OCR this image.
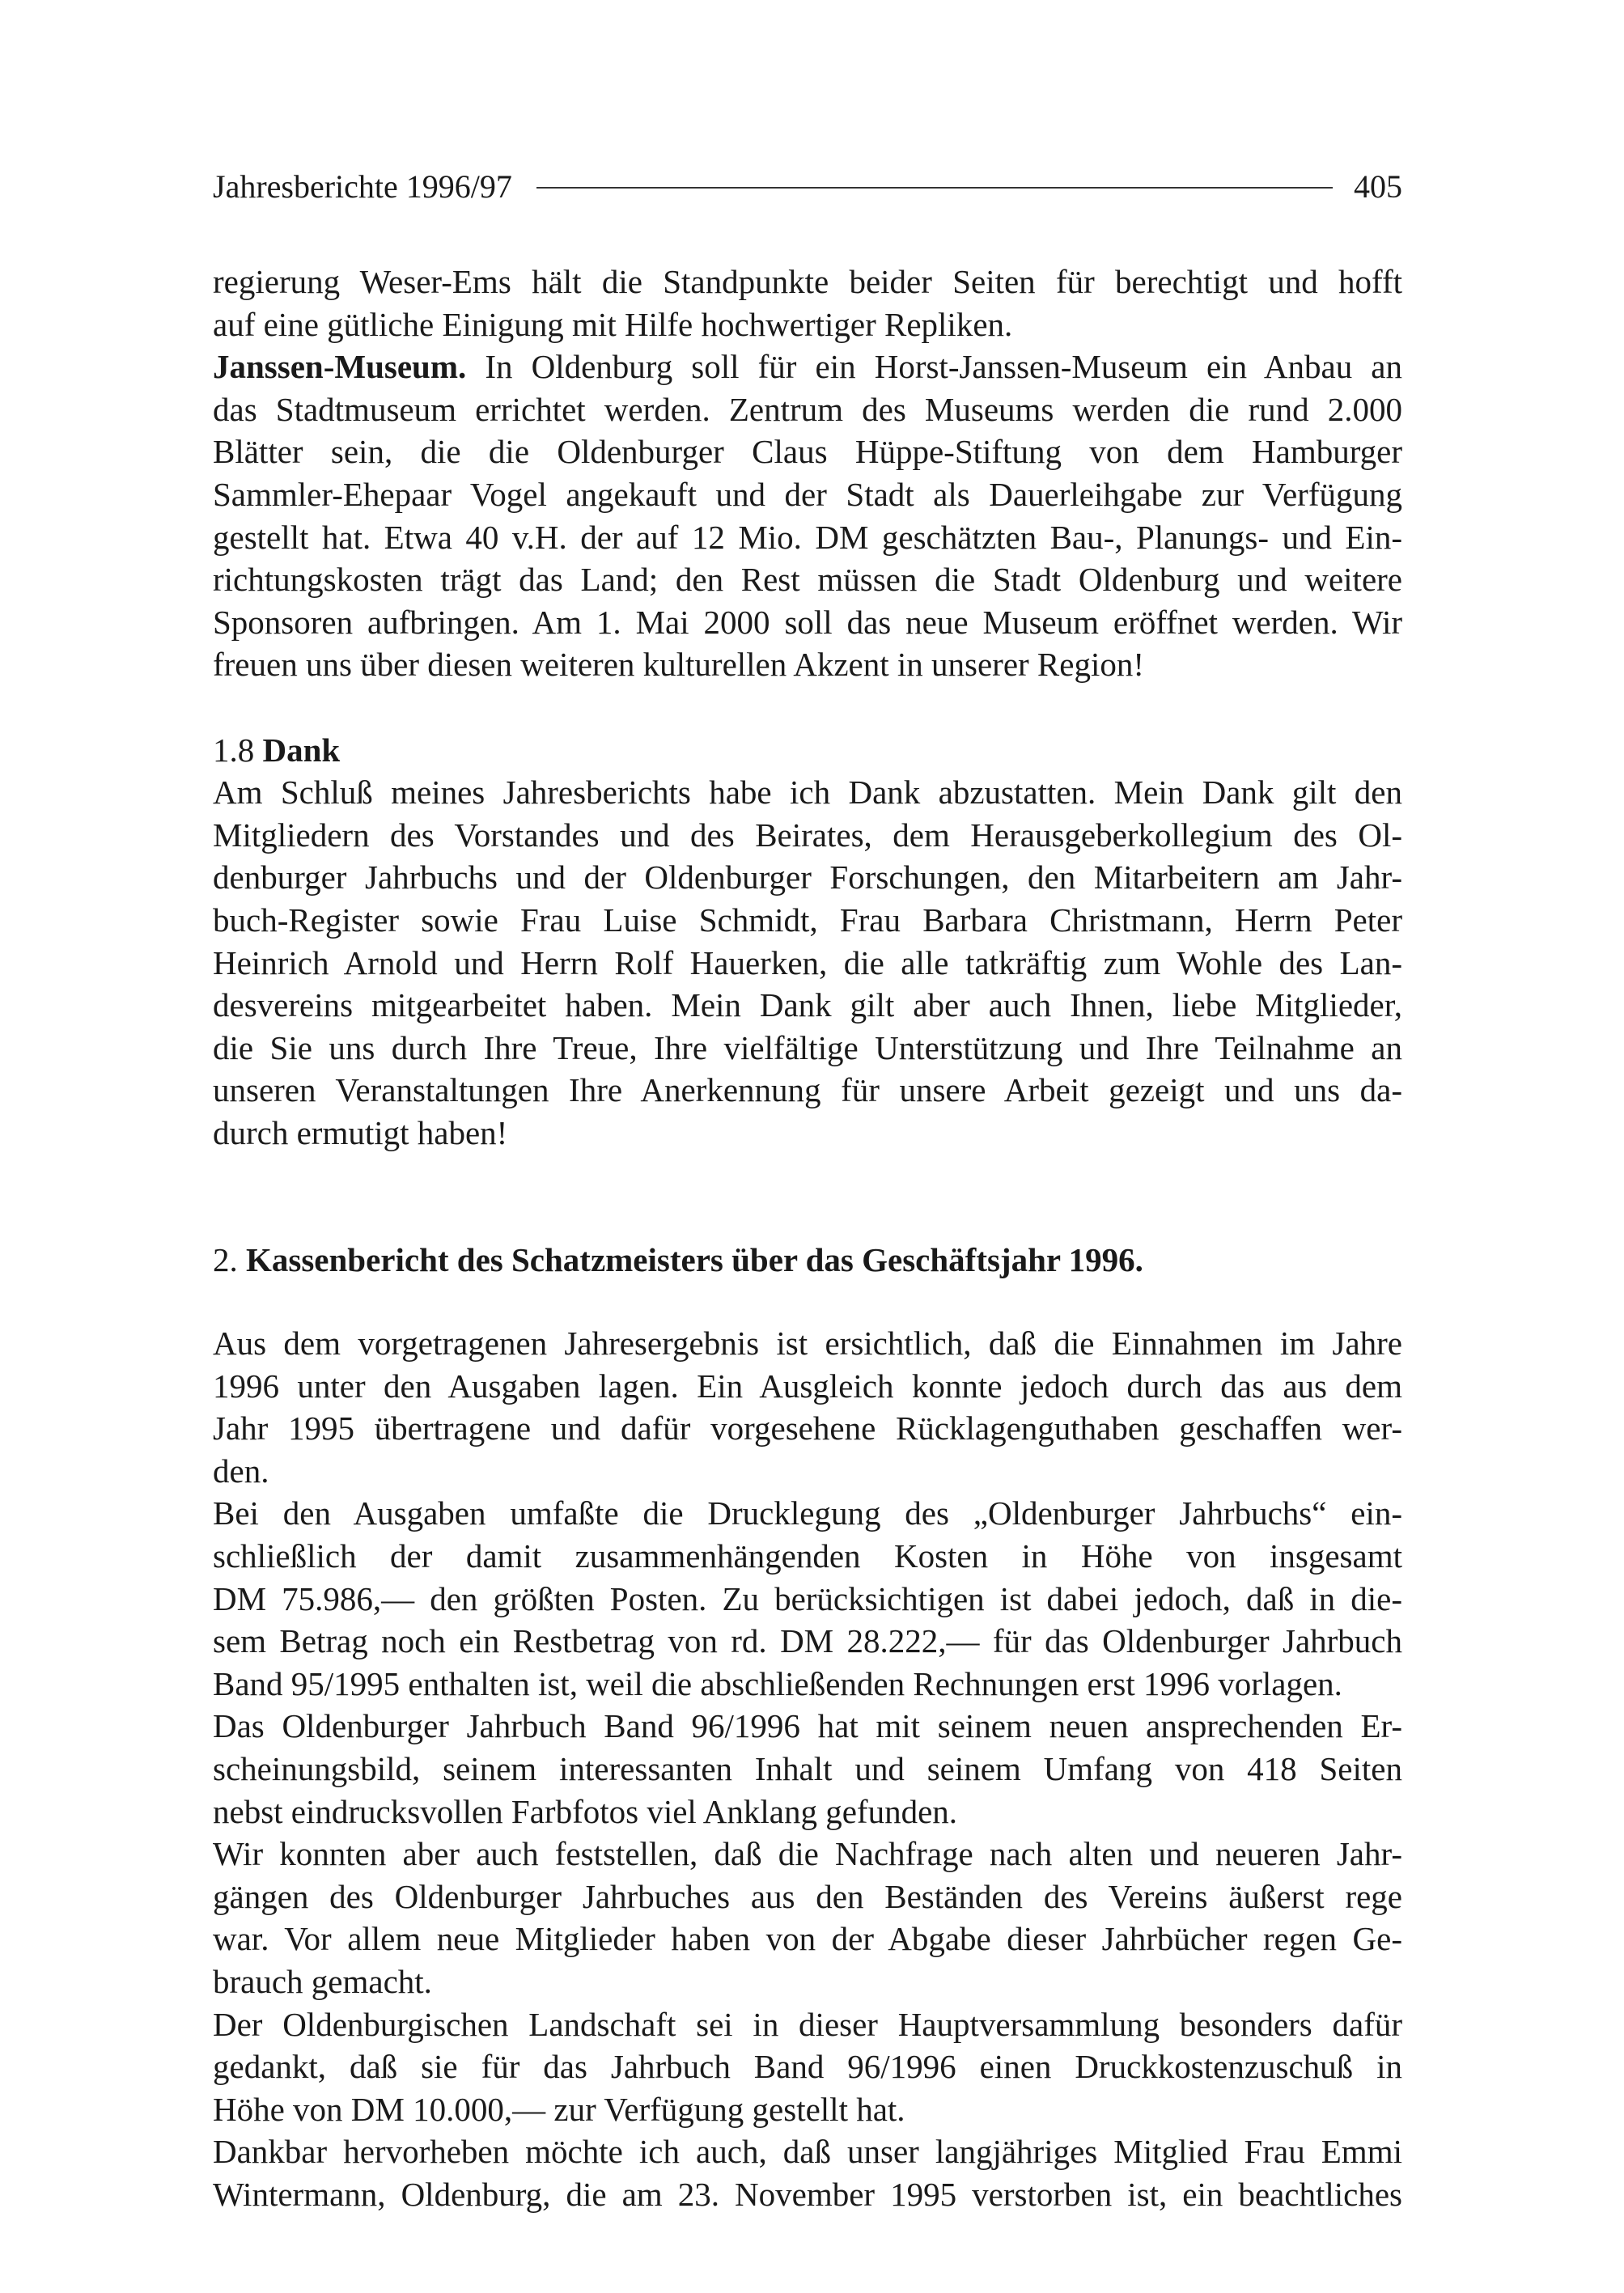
Jahresberichte 1996/97	405
regierung Weser-Ems hält die Standpunkte beider Seiten für berechtigt und hofft
auf eine gütliche Einigung mit Hilfe hochwertiger Repliken.
Janssen-Museum. In Oldenburg soll für ein Horst-Janssen-Museum ein Anbau an
das Stadtmuseum errichtet werden. Zentrum des Museums werden die rund 2.000
Blätter sein, die die Oldenburger Claus Hüppe-Stiftung von dem Hamburger
Sammler-Ehepaar Vogel angekauft und der Stadt als Dauerleihgabe zur Verfügung
gestellt hat. Etwa 40 v.H. der auf 12 Mio. DM geschätzten Bau-, Planungs- und Ein-
richtungskosten trägt das Land; den Rest müssen die Stadt Oldenburg und weitere
Sponsoren aufbringen. Am 1. Mai 2000 soll das neue Museum eröffnet werden. Wir
freuen uns über diesen weiteren kulturellen Akzent in unserer Region!
1.8 Dank
Am Schluß meines Jahresberichts habe ich Dank abzustatten. Mein Dank gilt den
Mitgliedern des Vorstandes und des Beirates, dem Herausgeberkollegium des Ol-
denburger Jahrbuchs und der Oldenburger Forschungen, den Mitarbeitern am Jahr-
buch-Register sowie Frau Luise Schmidt, Frau Barbara Christmann, Herrn Peter
Heinrich Arnold und Herrn Rolf Hauerken, die alle tatkräftig zum Wohle des Lan-
desvereins mitgearbeitet haben. Mein Dank gilt aber auch Ihnen, liebe Mitglieder,
die Sie uns durch Ihre Treue, Ihre vielfältige Unterstützung und Ihre Teilnahme an
unseren Veranstaltungen Ihre Anerkennung für unsere Arbeit gezeigt und uns da-
durch ermutigt haben!
2. Kassenbericht des Schatzmeisters über das Geschäftsjahr 1996.
Aus dem vorgetragenen Jahresergebnis ist ersichtlich, daß die Einnahmen im Jahre
1996 unter den Ausgaben lagen. Ein Ausgleich konnte jedoch durch das aus dem
Jahr 1995 übertragene und dafür vorgesehene Rücklagenguthaben geschaffen wer-
den.
Bei den Ausgaben umfaßte die Drucklegung des „Oldenburger Jahrbuchs“ ein-
schließlich der damit zusammenhängenden Kosten in Höhe von insgesamt
DM 75.986,— den größten Posten. Zu berücksichtigen ist dabei jedoch, daß in die-
sem Betrag noch ein Restbetrag von rd. DM 28.222,— für das Oldenburger Jahrbuch
Band 95/1995 enthalten ist, weil die abschließenden Rechnungen erst 1996 vorlagen.
Das Oldenburger Jahrbuch Band 96/1996 hat mit seinem neuen ansprechenden Er-
scheinungsbild, seinem interessanten Inhalt und seinem Umfang von 418 Seiten
nebst eindrucksvollen Farbfotos viel Anklang gefunden.
Wir konnten aber auch feststellen, daß die Nachfrage nach alten und neueren Jahr-
gängen des Oldenburger Jahrbuches aus den Beständen des Vereins äußerst rege
war. Vor allem neue Mitglieder haben von der Abgabe dieser Jahrbücher regen Ge-
brauch gemacht.
Der Oldenburgischen Landschaft sei in dieser Hauptversammlung besonders dafür
gedankt, daß sie für das Jahrbuch Band 96/1996 einen Druckkostenzuschuß in
Höhe von DM 10.000,— zur Verfügung gestellt hat.
Dankbar hervorheben möchte ich auch, daß unser langjähriges Mitglied Frau Emmi
Wintermann, Oldenburg, die am 23. November 1995 verstorben ist, ein beachtliches
